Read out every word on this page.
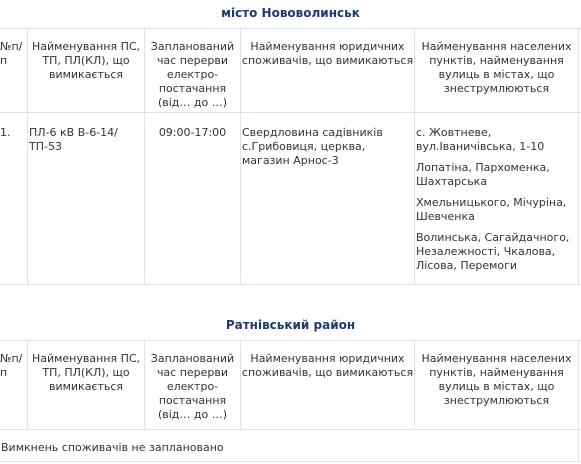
місто Нововолинськ
№п/п
Найменування ПС, ТП, ПЛ(КЛ), що вимикається
Запланований час перерви електро-постачання (від… до …)
Найменування юридичних споживачів, що вимикаються
Найменування населених пунктів, найменування вулиць в містах, що знеструмлюються
1.	ПЛ-6 кВ В-6-14/ ТП-53
09:00-17:00	Свердловина садівників с.Грибовиця, церква, магазин Арнос-3

с. Жовтневе, вул.Іваничівська, 1-10

Лопатіна, Пархоменка, Шахтарська

Хмельницького, Мічуріна, Шевченка

Волинська, Сагайдачного, Незалежності, Чкалова, Лісова, Перемоги

Ратнівський район
№п/п
Найменування ПС, ТП, ПЛ(КЛ), що вимикається
Запланований час перерви електро-постачання (від… до …)
Найменування юридичних споживачів, що вимикаються
Найменування населених пунктів, найменування вулиць в містах, що знеструмлюються
Вимкнень споживачів не заплановано
